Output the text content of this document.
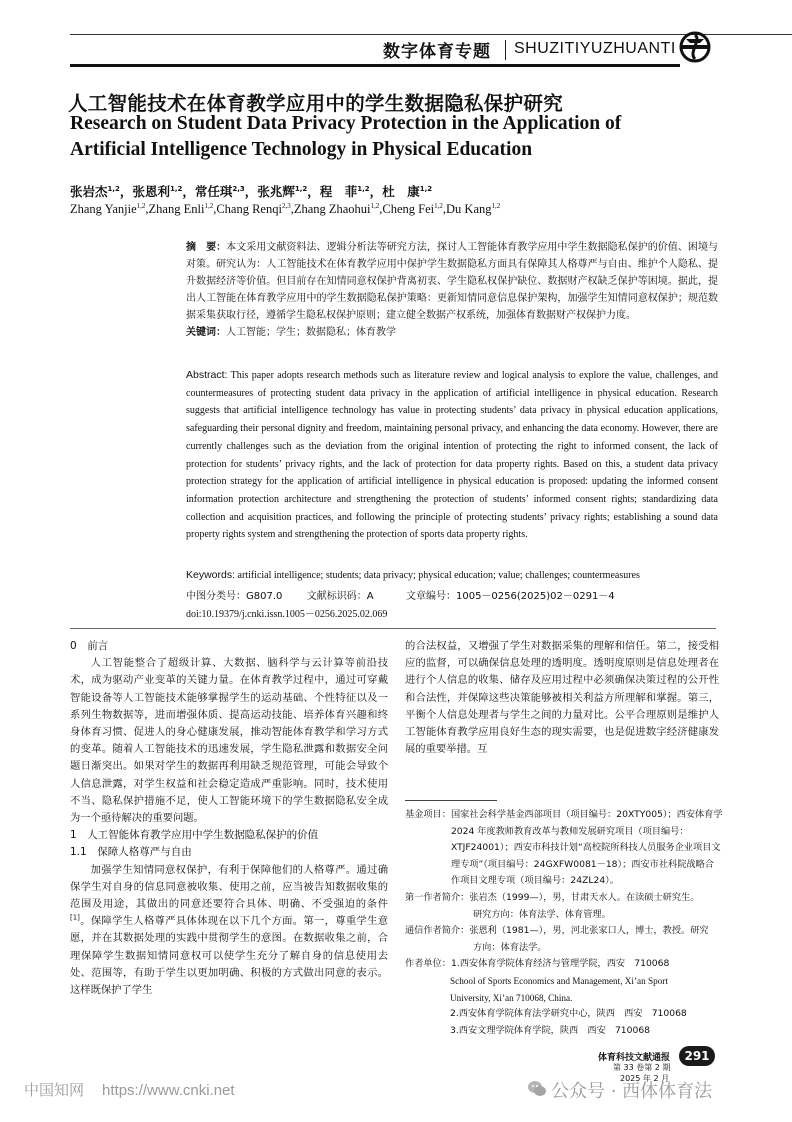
数字体育专题 SHUZITIYUZHUANTI
人工智能技术在体育教学应用中的学生数据隐私保护研究
Research on Student Data Privacy Protection in the Application of
Artificial Intelligence Technology in Physical Education
张岩杰$^{1,2}$，张恩利$^{1,2}$，常任琪$^{2,3}$，张兆辉$^{1,2}$，程　菲$^{1,2}$，杜　康$^{1,2}$
Zhang Yanjie$^{1,2}$,Zhang Enli$^{1,2}$,Chang Renqi$^{2,3}$,Zhang Zhaohui$^{1,2}$,Cheng Fei$^{1,2}$,Du Kang$^{1,2}$

摘　要：本文采用文献资料法、逻辑分析法等研究方法，探讨人工智能体育教学应用中学生数据隐私保护的价值、困境与对策。研究认为：人工智能技术在体育教学应用中保护学生数据隐私方面具有保障其人格尊严与自由、维护个人隐私、提升数据经济等价值。但目前存在知情同意权保护背离初衷、学生隐私权保护缺位、数据财产权缺乏保护等困境。据此，提出人工智能在体育教学应用中的学生数据隐私保护策略：更新知情同意信息保护架构，加强学生知情同意权保护；规范数据采集获取行径，遵循学生隐私权保护原则；建立健全数据产权系统，加强体育数据财产权保护力度。

关键词：人工智能；学生；数据隐私；体育教学

Abstract: This paper adopts research methods such as literature review and logical analysis to explore the value, challenges, and countermeasures of protecting student data privacy in the application of artificial intelligence in physical education. Research suggests that artificial intelligence technology has value in protecting students’ data privacy in physical education applications, safeguarding their personal dignity and freedom, maintaining personal privacy, and enhancing the data economy. However, there are currently challenges such as the deviation from the original intention of protecting the right to informed consent, the lack of protection for students’ privacy rights, and the lack of protection for data property rights. Based on this, a student data privacy protection strategy for the application of artificial intelligence in physical education is proposed: updating the informed consent information protection architecture and strengthening the protection of students’ informed consent rights; standardizing data collection and acquisition practices, and following the principle of protecting students’ privacy rights; establishing a sound data property rights system and strengthening the protection of sports data property rights.
Keywords: artificial intelligence; students; data privacy; physical education; value; challenges; countermeasures
中图分类号：G807.0 文献标识码：A	文章编号：1005－0256(2025)02－0291－4
doi:10.19379/j.cnki.issn.1005－0256.2025.02.069

0　 前言

人工智能整合了超级计算、大数据、脑科学与云计算等前沿技术，成为驱动产业变革的关键力量。在体育教学过程中，通过可穿戴智能设备等人工智能技术能够掌握学生的运动基础、个性特征以及一系列生物数据等，进而增强体质、提高运动技能、培养体育兴趣和终身体育习惯、促进人的身心健康发展，推动智能体育教学和学习方式的变革。随着人工智能技术的迅速发展，学生隐私泄露和数据安全问题日渐突出。如果对学生的数据再利用缺乏规范管理，可能会导致个人信息泄露，对学生权益和社会稳定造成严重影响。同时，技术使用不当、隐私保护措施不足，使人工智能环境下的学生数据隐私安全成为一个亟待解决的重要问题。

1　人工智能体育教学应用中学生数据隐私保护的价值

1.1　保障人格尊严与自由

加强学生知情同意权保护，有利于保障他们的人格尊严。通过确保学生对自身的信息同意被收集、使用之前，应当被告知数据收集的范围及用途，其做出的同意还要符合具体、明确、不受强迫的条件[1]。保障学生人格尊严具体体现在以下几个方面。第一，尊重学生意愿，并在其数据处理的实践中贯彻学生的意图。在数据收集之前，合理保障学生数据知情同意权可以使学生充分了解自身的信息使用去处、范围等，有助于学生以更加明确、积极的方式做出同意的表示。这样既保护了学生

的合法权益，又增强了学生对数据采集的理解和信任。第二，接受相应的监督，可以确保信息处理的透明度。透明度原则是信息处理者在进行个人信息的收集、储存及应用过程中必须确保决策过程的公开性和合法性，并保障这些决策能够被相关利益方所理解和掌握。第三，平衡个人信息处理者与学生之间的力量对比。公平合理原则是维护人工智能体育教学应用良好生态的现实需要，也是促进数字经济健康发展的重要举措。互

基金项目： 国家社会科学基金西部项目（项目编号：20XTY005）；西安体育学 2024 年度教师教育改革与教师发展研究项目（项目编号：XTJF24001）；西安市科技计划“高校院所科技人员服务企业项目文理专项”（项目编号：24GXFW0081－18）；西安市社科院战略合作项目文理专项（项目编号：24ZL24）。
第一作者简介： 张岩杰（1999—），男，甘肃天水人。在读硕士研究生。
研究方向：体育法学、体育管理。
通信作者简介： 张恩利（1981—），男，河北张家口人，博士，教授。研究
方向：体育法学。
作者单位： 1.西安体育学院体育经济与管理学院，西安　710068
School of Sports Economics and Management, Xi’an Sport
University, Xi’an 710068, China.
2.西安体育学院体育法学研究中心，陕西　西安　710068
3.西安文理学院体育学院，陕西　西安　710068
体育科技文献通报
第 33 卷第 2 期
2025 年 2 月
291
中国知网 https://www.cnki.net	公众号 · 西体体育法
